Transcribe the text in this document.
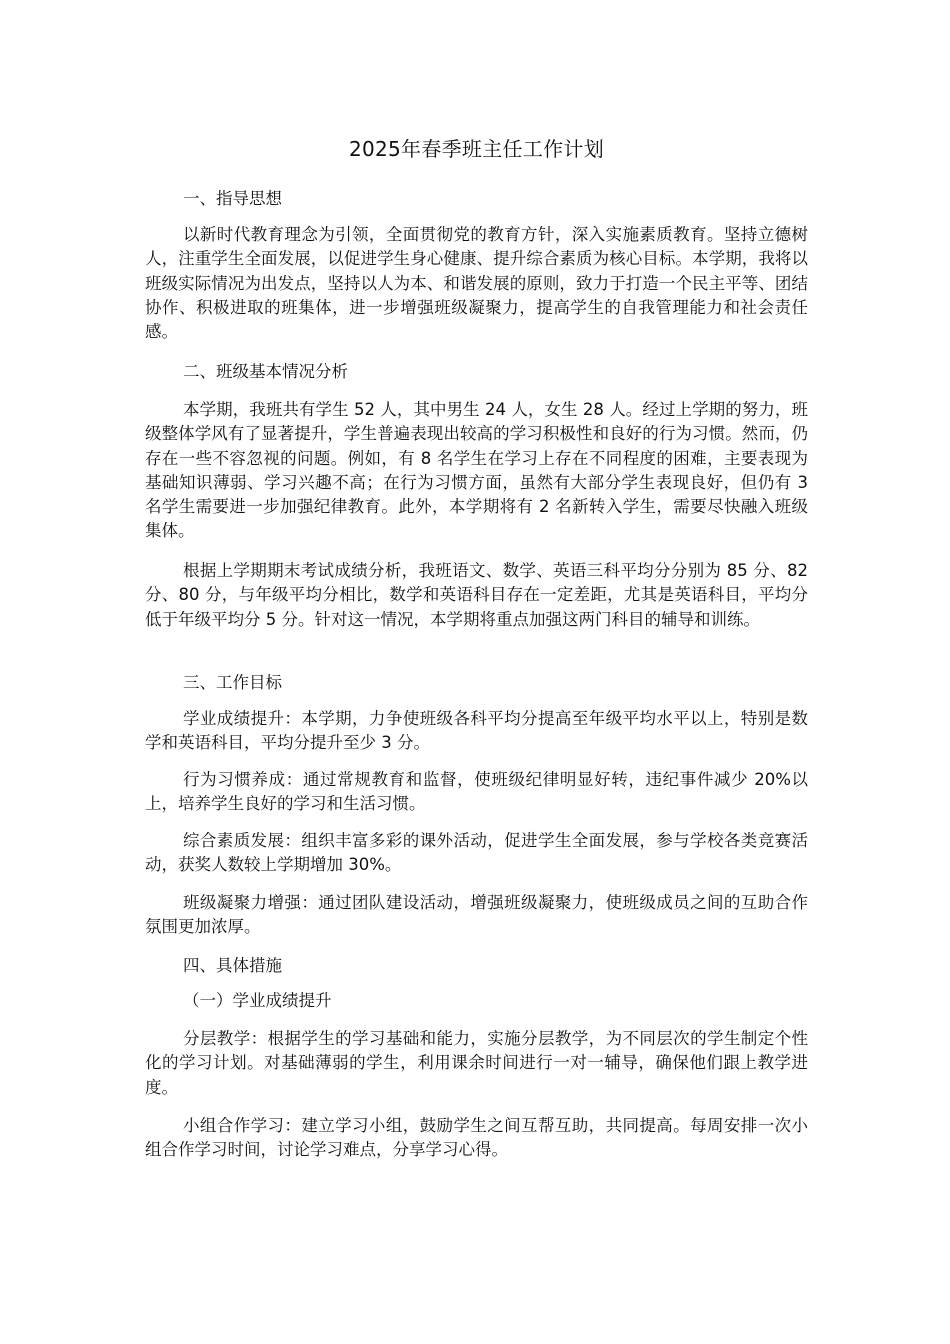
2025年春季班主任工作计划
一、指导思想
以新时代教育理念为引领，全面贯彻党的教育方针，深入实施素质教育。坚持立德树人，注重学生全面发展，以促进学生身心健康、提升综合素质为核心目标。本学期，我将以班级实际情况为出发点，坚持以人为本、和谐发展的原则，致力于打造一个民主平等、团结协作、积极进取的班集体，进一步增强班级凝聚力，提高学生的自我管理能力和社会责任感。
二、班级基本情况分析
本学期，我班共有学生 52 人，其中男生 24 人，女生 28 人。经过上学期的努力，班级整体学风有了显著提升，学生普遍表现出较高的学习积极性和良好的行为习惯。然而，仍存在一些不容忽视的问题。例如，有 8 名学生在学习上存在不同程度的困难，主要表现为基础知识薄弱、学习兴趣不高；在行为习惯方面，虽然有大部分学生表现良好，但仍有 3 名学生需要进一步加强纪律教育。此外，本学期将有 2 名新转入学生，需要尽快融入班级集体。
根据上学期期末考试成绩分析，我班语文、数学、英语三科平均分分别为 85 分、82 分、80 分，与年级平均分相比，数学和英语科目存在一定差距，尤其是英语科目，平均分低于年级平均分 5 分。针对这一情况，本学期将重点加强这两门科目的辅导和训练。
三、工作目标
学业成绩提升：本学期，力争使班级各科平均分提高至年级平均水平以上，特别是数学和英语科目，平均分提升至少 3 分。
行为习惯养成：通过常规教育和监督，使班级纪律明显好转，违纪事件减少 20%以上，培养学生良好的学习和生活习惯。
综合素质发展：组织丰富多彩的课外活动，促进学生全面发展，参与学校各类竞赛活动，获奖人数较上学期增加 30%。
班级凝聚力增强：通过团队建设活动，增强班级凝聚力，使班级成员之间的互助合作氛围更加浓厚。
四、具体措施
（一）学业成绩提升
分层教学：根据学生的学习基础和能力，实施分层教学，为不同层次的学生制定个性化的学习计划。对基础薄弱的学生，利用课余时间进行一对一辅导，确保他们跟上教学进度。
小组合作学习：建立学习小组，鼓励学生之间互帮互助，共同提高。每周安排一次小组合作学习时间，讨论学习难点，分享学习心得。
